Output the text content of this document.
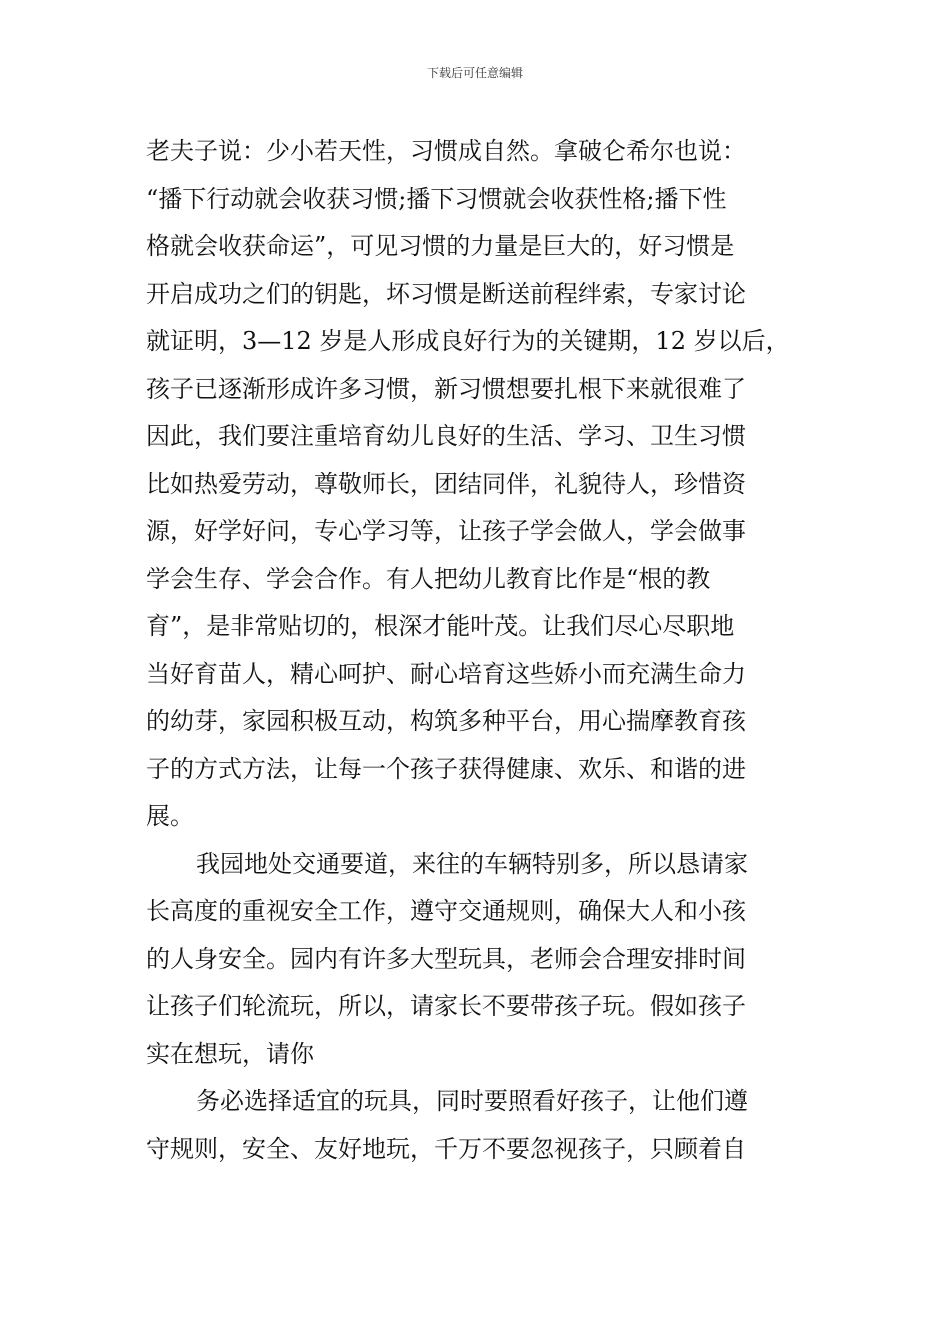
下载后可任意编辑
老夫子说：少小若天性，习惯成自然。拿破仑希尔也说：
“播下行动就会收获习惯;播下习惯就会收获性格;播下性
格就会收获命运”，可见习惯的力量是巨大的，好习惯是
开启成功之们的钥匙，坏习惯是断送前程绊索，专家讨论
就证明，3—12 岁是人形成良好行为的关键期，12 岁以后，
孩子已逐渐形成许多习惯，新习惯想要扎根下来就很难了
因此，我们要注重培育幼儿良好的生活、学习、卫生习惯
比如热爱劳动，尊敬师长，团结同伴，礼貌待人，珍惜资
源，好学好问，专心学习等，让孩子学会做人，学会做事
学会生存、学会合作。有人把幼儿教育比作是“根的教
育”，是非常贴切的，根深才能叶茂。让我们尽心尽职地
当好育苗人，精心呵护、耐心培育这些娇小而充满生命力
的幼芽，家园积极互动，构筑多种平台，用心揣摩教育孩
子的方式方法，让每一个孩子获得健康、欢乐、和谐的进
展。
我园地处交通要道，来往的车辆特别多，所以恳请家
长高度的重视安全工作，遵守交通规则，确保大人和小孩
的人身安全。园内有许多大型玩具，老师会合理安排时间
让孩子们轮流玩，所以，请家长不要带孩子玩。假如孩子
实在想玩，请你
务必选择适宜的玩具，同时要照看好孩子，让他们遵
守规则，安全、友好地玩，千万不要忽视孩子，只顾着自
